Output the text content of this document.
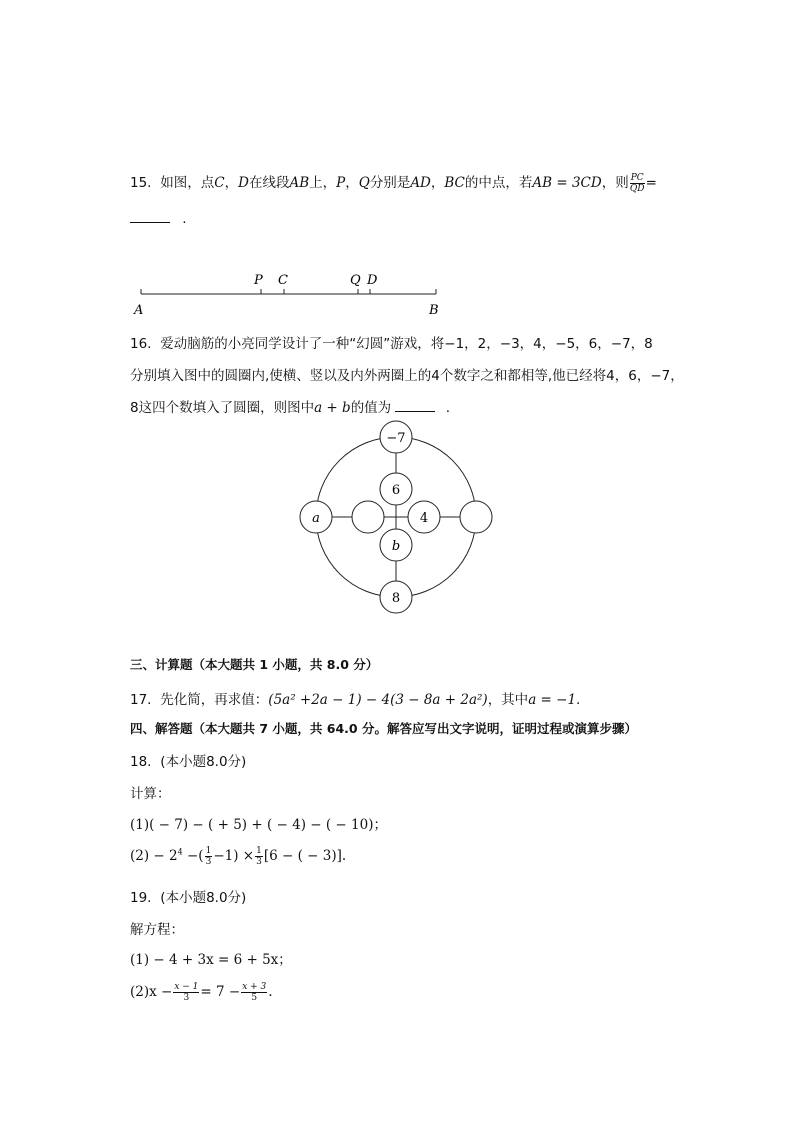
15. 如图，点C，D在线段AB上，P，Q分别是AD，BC的中点，若AB = 3CD，则 $\frac{PC}{QD}$ =
.
A	B
P C	Q D
16. 爱动脑筋的小亮同学设计了一种“幻圆”游戏，将−1，2，−3，4，−5，6，−7，8
分别填入图中的圆圈内,使横、竖以及内外两圈上的4个数字之和都相等,他已经将4，6，−7，
8这四个数填入了圆圈，则图中a + b的值为	.
−7
8
a
6
4
b
三、计算题（本大题共 1 小题，共 8.0 分）
17. 先化简，再求值：(5a² +2a − 1) − 4(3 − 8a + 2a²)，其中a = −1.
四、解答题（本大题共 7 小题，共 64.0 分。解答应写出文字说明，证明过程或演算步骤）
18. (本小题8.0分)
计算：
(1)( − 7) − ( + 5) + ( − 4) − ( − 10)；
$(2) - 2^4$ −( $\frac{1}{3} -1) \times \frac{1}{3} [6$ − ( − 3)].
19. (本小题8.0分)
解方程：
(1) − 4 + 3x = 6 + 5x；
$(2)x - \frac{x - 1}{3} = 7 - \frac{x + 3}{5}$ .
